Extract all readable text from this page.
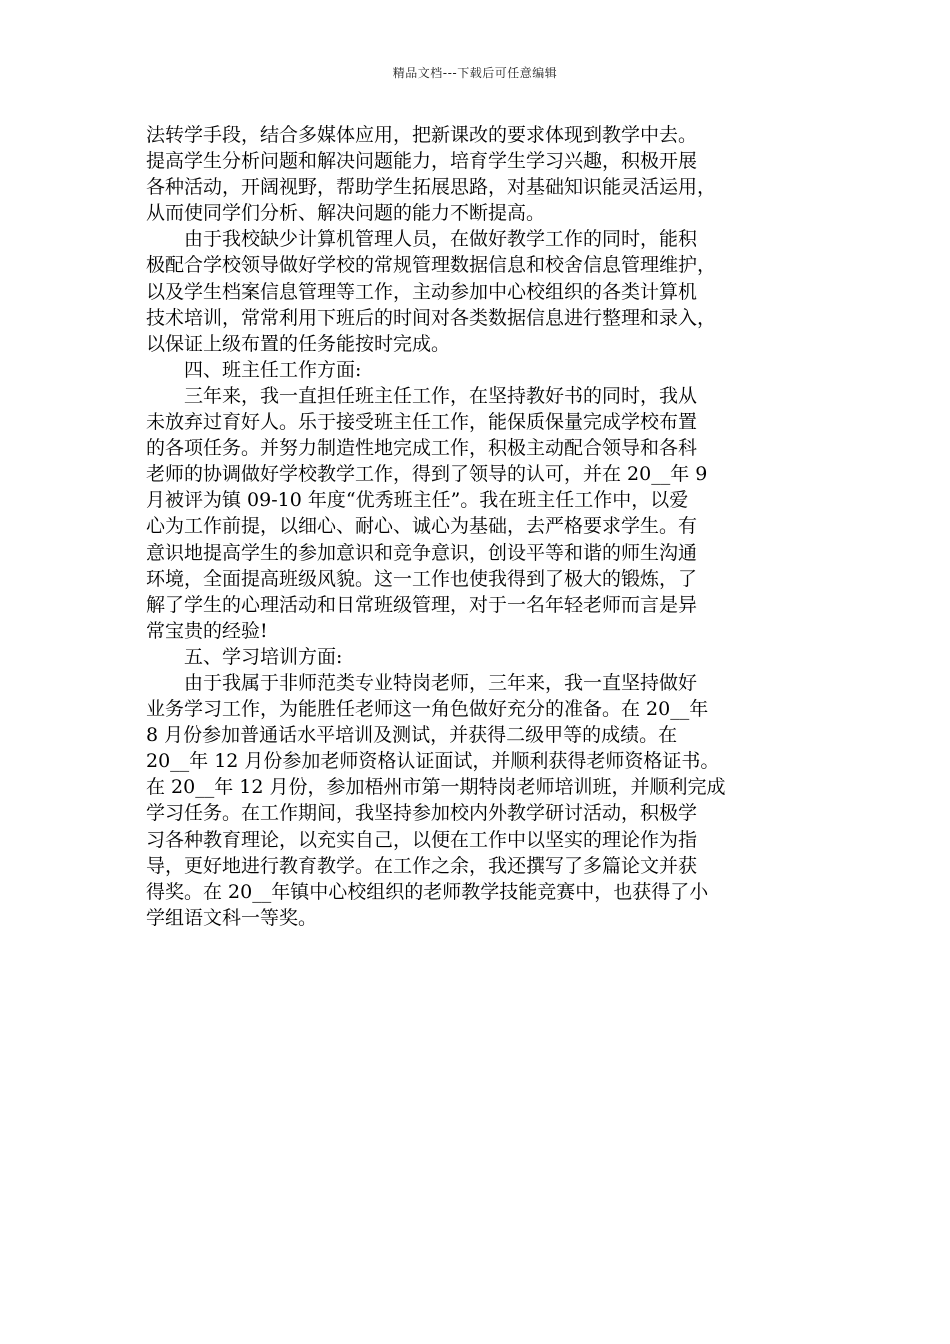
精品文档---下载后可任意编辑
法转学手段，结合多媒体应用，把新课改的要求体现到教学中去。
提高学生分析问题和解决问题能力，培育学生学习兴趣，积极开展
各种活动，开阔视野，帮助学生拓展思路，对基础知识能灵活运用，
从而使同学们分析、解决问题的能力不断提高。
　　由于我校缺少计算机管理人员，在做好教学工作的同时，能积
极配合学校领导做好学校的常规管理数据信息和校舍信息管理维护，
以及学生档案信息管理等工作，主动参加中心校组织的各类计算机
技术培训，常常利用下班后的时间对各类数据信息进行整理和录入，
以保证上级布置的任务能按时完成。
　　四、班主任工作方面:
　　三年来，我一直担任班主任工作，在坚持教好书的同时，我从
未放弃过育好人。乐于接受班主任工作，能保质保量完成学校布置
的各项任务。并努力制造性地完成工作，积极主动配合领导和各科
老师的协调做好学校教学工作，得到了领导的认可，并在 20__年 9
月被评为镇 09-10 年度“优秀班主任”。我在班主任工作中，以爱
心为工作前提，以细心、耐心、诚心为基础，去严格要求学生。有
意识地提高学生的参加意识和竞争意识，创设平等和谐的师生沟通
环境，全面提高班级风貌。这一工作也使我得到了极大的锻炼，了
解了学生的心理活动和日常班级管理，对于一名年轻老师而言是异
常宝贵的经验!
　　五、学习培训方面:
　　由于我属于非师范类专业特岗老师，三年来，我一直坚持做好
业务学习工作，为能胜任老师这一角色做好充分的准备。在 20__年
8 月份参加普通话水平培训及测试，并获得二级甲等的成绩。在
20__年 12 月份参加老师资格认证面试，并顺利获得老师资格证书。
在 20__年 12 月份，参加梧州市第一期特岗老师培训班，并顺利完成
学习任务。在工作期间，我坚持参加校内外教学研讨活动，积极学
习各种教育理论，以充实自己，以便在工作中以坚实的理论作为指
导，更好地进行教育教学。在工作之余，我还撰写了多篇论文并获
得奖。在 20__年镇中心校组织的老师教学技能竞赛中，也获得了小
学组语文科一等奖。
